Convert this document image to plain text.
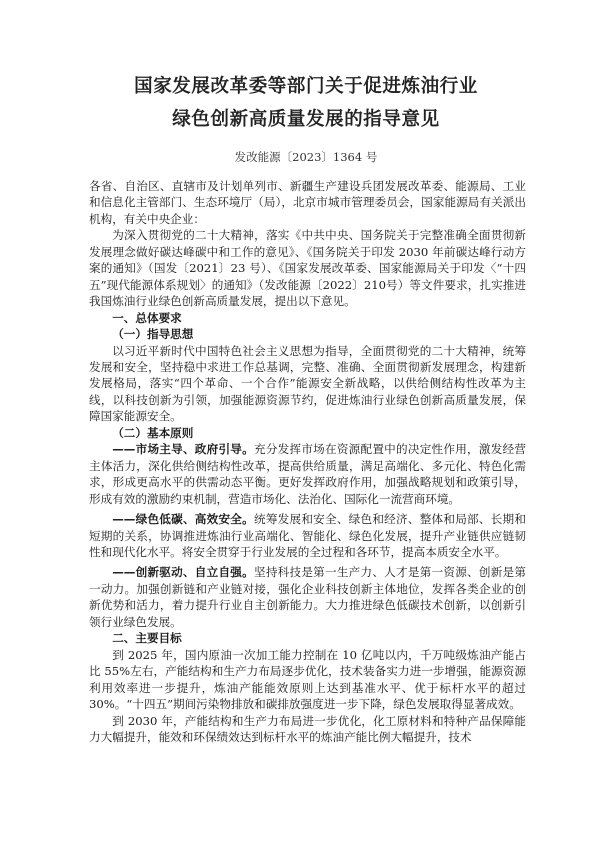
国家发展改革委等部门关于促进炼油行业
绿色创新高质量发展的指导意见
发改能源〔2023〕1364 号

各省、自治区、直辖市及计划单列市、新疆生产建设兵团发展改革委、能源局、工业和信息化主管部门、生态环境厅（局），北京市城市管理委员会，国家能源局有关派出机构，有关中央企业：

为深入贯彻党的二十大精神，落实《中共中央、国务院关于完整准确全面贯彻新发展理念做好碳达峰碳中和工作的意见》、《国务院关于印发 2030 年前碳达峰行动方案的通知》（国发〔2021〕23 号）、《国家发展改革委、国家能源局关于印发〈“十四五”现代能源体系规划〉的通知》（发改能源〔2022〕210号）等文件要求，扎实推进我国炼油行业绿色创新高质量发展，提出以下意见。

一、总体要求

（一）指导思想

以习近平新时代中国特色社会主义思想为指导，全面贯彻党的二十大精神，统筹发展和安全，坚持稳中求进工作总基调，完整、准确、全面贯彻新发展理念，构建新发展格局，落实“四个革命、一个合作”能源安全新战略，以供给侧结构性改革为主线，以科技创新为引领，加强能源资源节约，促进炼油行业绿色创新高质量发展，保障国家能源安全。

（二）基本原则

——市场主导、政府引导。充分发挥市场在资源配置中的决定性作用，激发经营主体活力，深化供给侧结构性改革，提高供给质量，满足高端化、多元化、特色化需求，形成更高水平的供需动态平衡。更好发挥政府作用，加强战略规划和政策引导，形成有效的激励约束机制，营造市场化、法治化、国际化一流营商环境。

——绿色低碳、高效安全。统筹发展和安全、绿色和经济、整体和局部、长期和短期的关系，协调推进炼油行业高端化、智能化、绿色化发展，提升产业链供应链韧性和现代化水平。将安全贯穿于行业发展的全过程和各环节，提高本质安全水平。

——创新驱动、自立自强。坚持科技是第一生产力、人才是第一资源、创新是第一动力。加强创新链和产业链对接，强化企业科技创新主体地位，发挥各类企业的创新优势和活力，着力提升行业自主创新能力。大力推进绿色低碳技术创新，以创新引领行业绿色发展。

二、主要目标

到 2025 年，国内原油一次加工能力控制在 10 亿吨以内，千万吨级炼油产能占比 55%左右，产能结构和生产力布局逐步优化，技术装备实力进一步增强，能源资源利用效率进一步提升，炼油产能能效原则上达到基准水平、优于标杆水平的超过 30%。“十四五”期间污染物排放和碳排放强度进一步下降，绿色发展取得显著成效。

到 2030 年，产能结构和生产力布局进一步优化，化工原材料和特种产品保障能力大幅提升，能效和环保绩效达到标杆水平的炼油产能比例大幅提升，技术
